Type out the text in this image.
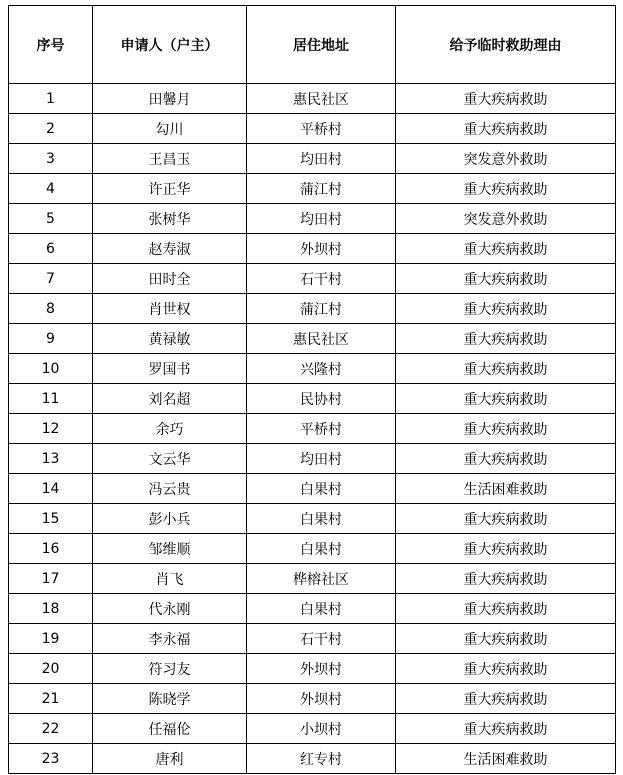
序号	申请人（户主）	居住地址	给予临时救助理由
1	田馨月	惠民社区	重大疾病救助
2	勾川	平桥村	重大疾病救助
3	王昌玉	均田村	突发意外救助
4	许正华	蒲江村	重大疾病救助
5	张树华	均田村	突发意外救助
6	赵寿淑	外坝村	重大疾病救助
7	田时全	石干村	重大疾病救助
8	肖世权	蒲江村	重大疾病救助
9	黄禄敏	惠民社区	重大疾病救助
10	罗国书	兴隆村	重大疾病救助
11	刘名超	民协村	重大疾病救助
12	余巧	平桥村	重大疾病救助
13	文云华	均田村	重大疾病救助
14	冯云贵	白果村	生活困难救助
15	彭小兵	白果村	重大疾病救助
16	邹维顺	白果村	重大疾病救助
17	肖飞	桦榕社区	重大疾病救助
18	代永刚	白果村	重大疾病救助
19	李永福	石干村	重大疾病救助
20	符习友	外坝村	重大疾病救助
21	陈晓学	外坝村	重大疾病救助
22	任福伦	小坝村	重大疾病救助
23	唐利	红专村	生活困难救助
